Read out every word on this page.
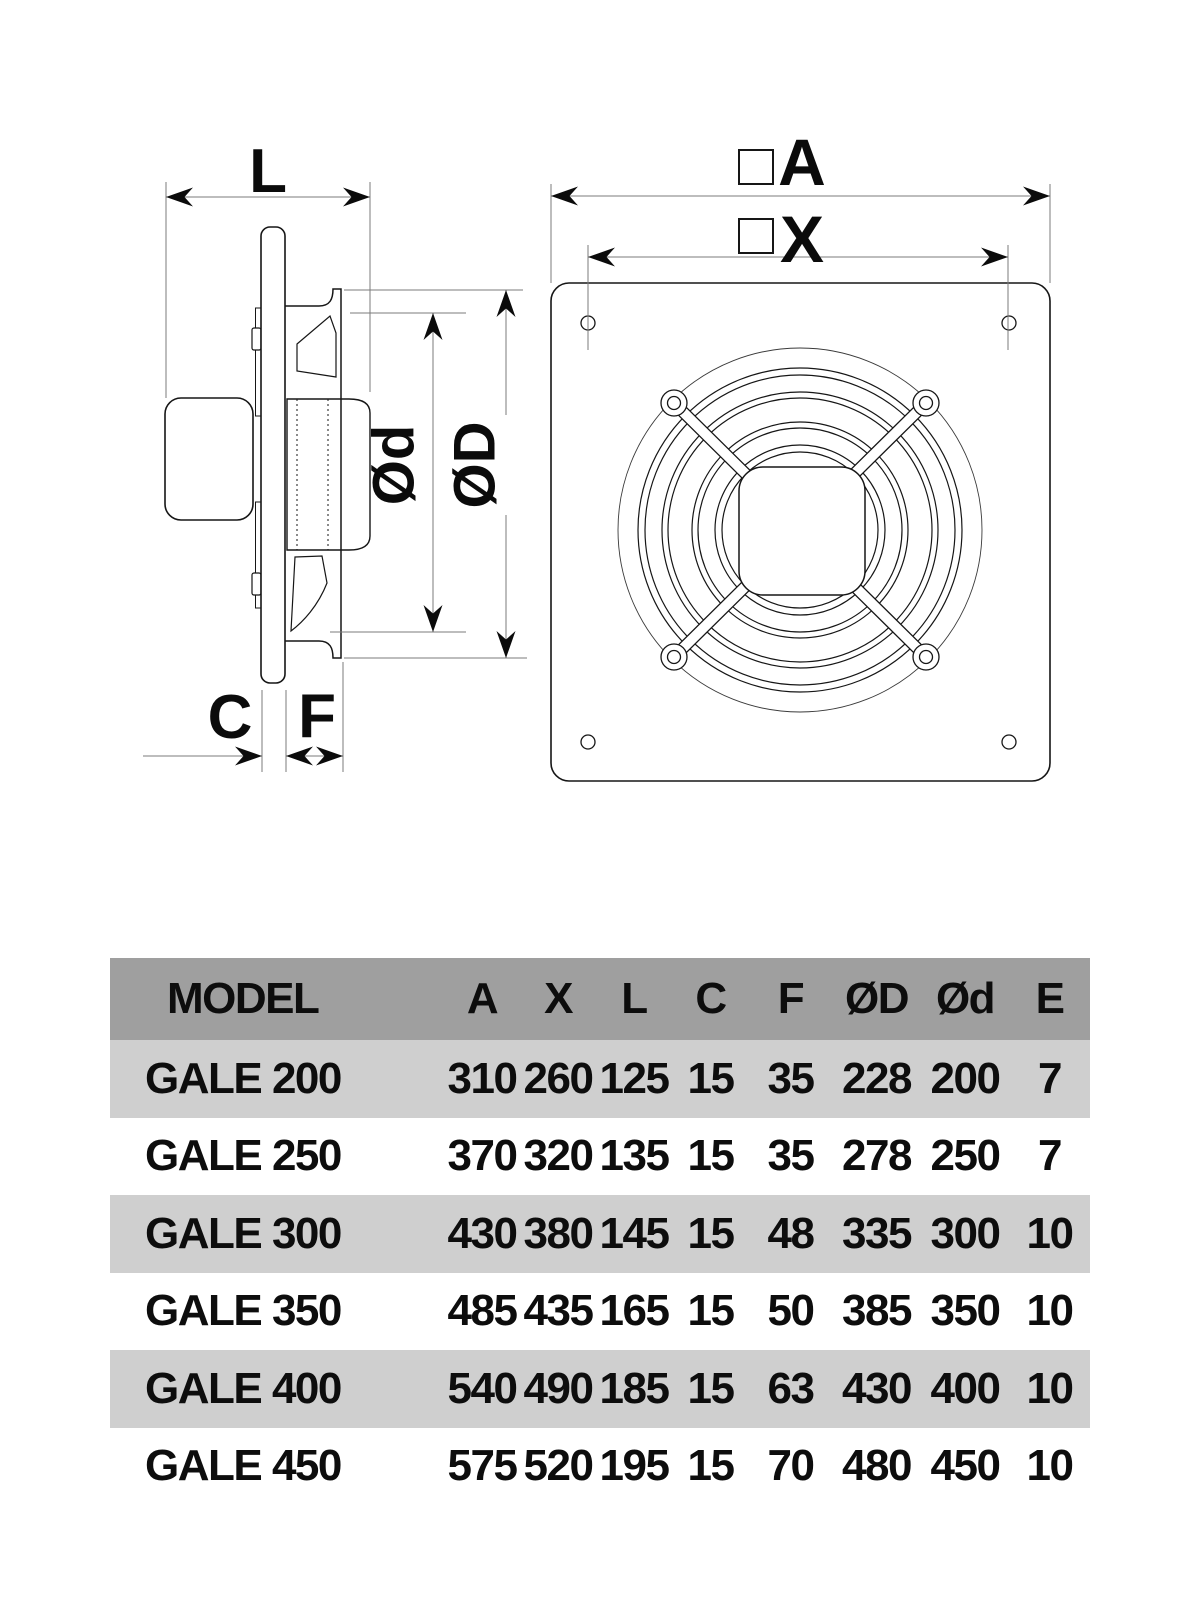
L
C F
Ød ØD
A
X
MODEL	A	X	L	C	F ØD Ød E
GALE 200	310 260 125 15 35 228 200 7
GALE 250	370 320 135 15 35 278 250 7
GALE 300	430 380 145 15 48 335 300 10
GALE 350	485 435 165 15 50 385 350 10
GALE 400	540 490 185 15 63 430 400 10
GALE 450	575 520 195 15 70 480 450 10
